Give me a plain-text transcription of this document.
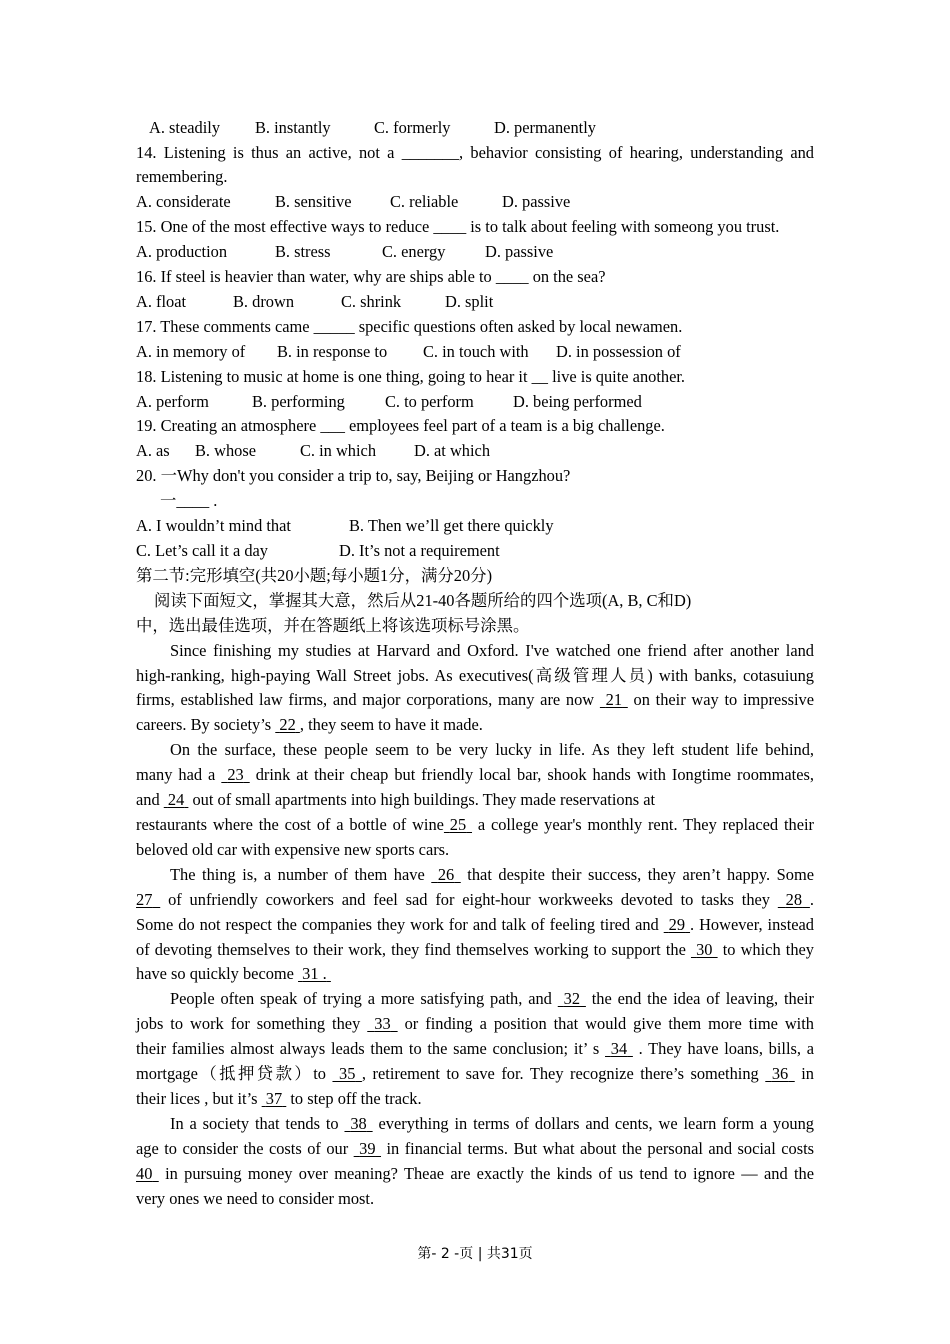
A. steadily B. instantly	C. formerly	D. permanently
14. Listening is thus an active, not a _______, behavior consisting of hearing, understanding and
remembering.
A. considerate	B. sensitive C. reliable	D. passive
15. One of the most effective ways to reduce ____ is to talk about feeling with someong you trust.
A. production	B. stress	C. energy D. passive
16. If steel is heavier than water, why are ships able to ____ on the sea?
A. float	B. drown	C. shrink	D. split
17. These comments came _____ specific questions often asked by local newamen.
A. in memory of B. in response to C. in touch with D. in possession of
18. Listening to music at home is one thing, going to hear it __ live is quite another.
A. perform	B. performing C. to perform D. being performed
19. Creating an atmosphere ___ employees feel part of a team is a big challenge.
A. as B. whose	C. in which D. at which
20. 一Why don't you consider a trip to, say, Beijing or Hangzhou?
一____ .
A. I wouldn’t mind that	B. Then we’ll get there quickly
C. Let’s call it a day	D. It’s not a requirement
第二节:完形填空(共20小题;每小题1分，满分20分)
阅读下面短文，掌握其大意，然后从21-40各题所给的四个选项(A, B, C和D)
中，选出最佳选项，并在答题纸上将该选项标号涂黑。
Since finishing my studies at Harvard and Oxford. I've watched one friend after another land
high-ranking, high-paying Wall Street jobs. As executives(高级管理人员) with banks, cotasuiung
firms, established law firms, and major corporations, many are now 21 on their way to impressive
careers. By society’s 22 , they seem to have it made.
On the surface, these people seem to be very lucky in life. As they left student life behind,
many had a 23 drink at their cheap but friendly local bar, shook hands with Iongtime roommates,
and 24 out of small apartments into high buildings. They made reservations at
restaurants where the cost of a bottle of wine 25 a college year's monthly rent. They replaced their
beloved old car with expensive new sports cars.
The thing is, a number of them have 26 that despite their success, they aren’t happy. Some
27 of unfriendly coworkers and feel sad for eight-hour workweeks devoted to tasks they 28 .
Some do not respect the companies they work for and talk of feeling tired and 29 . However, instead
of devoting themselves to their work, they find themselves working to support the 30 to which they
have so quickly become 31 .
People often speak of trying a more satisfying path, and 32 the end the idea of leaving, their
jobs to work for something they 33 or finding a position that would give them more time with
their families almost always leads them to the same conclusion; it’ s 34 . They have loans, bills, a
mortgage（抵押贷款）to 35 , retirement to save for. They recognize there’s something 36 in
their lices , but it’s 37 to step off the track.
In a society that tends to 38 everything in terms of dollars and cents, we learn form a young
age to consider the costs of our 39 in financial terms. But what about the personal and social costs
40 in pursuing money over meaning? Theae are exactly the kinds of us tend to ignore — and the
very ones we need to consider most.
第- 2 -页 | 共31页
